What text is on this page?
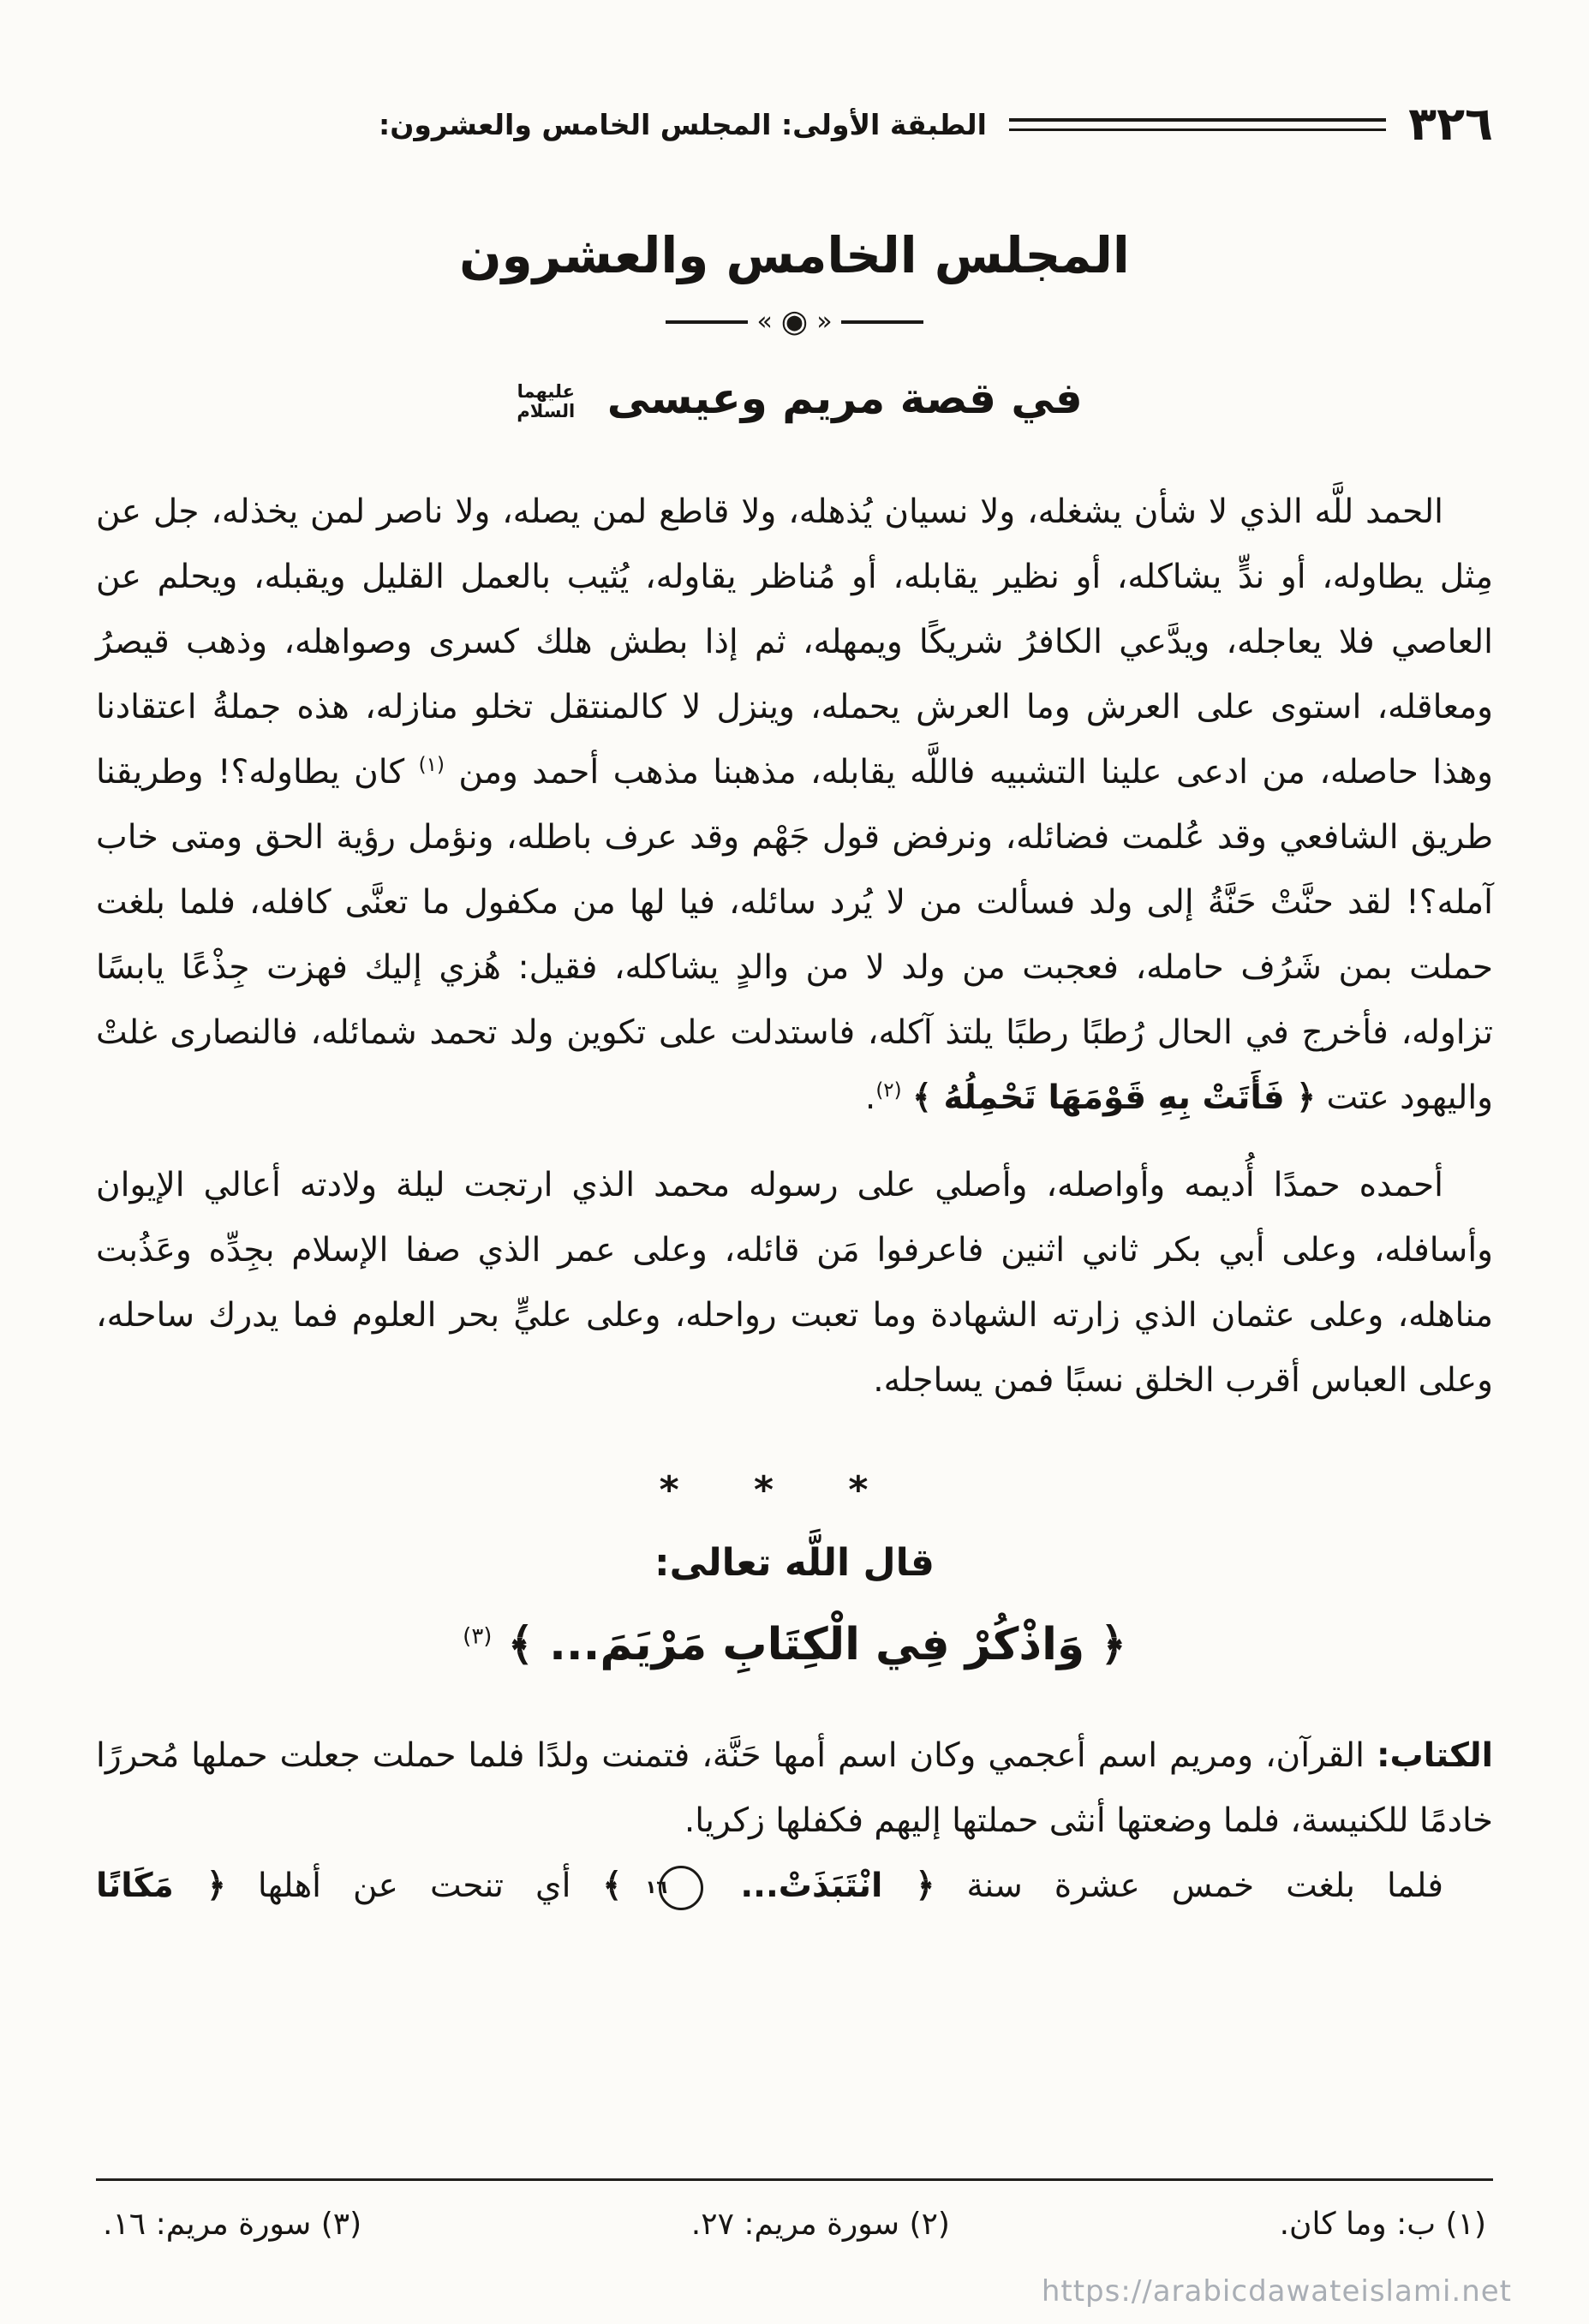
٣٢٦
الطبقة الأولى: المجلس الخامس والعشرون:
المجلس الخامس والعشرون
«
◉
»
في قصة مريم وعيسى عليهما السلام

الحمد للَّه الذي لا شأن يشغله، ولا نسيان يُذهله، ولا قاطع لمن يصله، ولا ناصر لمن يخذله، جل عن مِثل يطاوله، أو ندٍّ يشاكله، أو نظير يقابله، أو مُناظر يقاوله، يُثيب بالعمل القليل ويقبله، ويحلم عن العاصي فلا يعاجله، ويدَّعي الكافرُ شريكًا ويمهله، ثم إذا بطش هلك كسرى وصواهله، وذهب قيصرُ ومعاقله، استوى على العرش وما العرش يحمله، وينزل لا كالمنتقل تخلو منازله، هذه جملةُ اعتقادنا وهذا حاصله، من ادعى علينا التشبيه فاللَّه يقابله، مذهبنا مذهب أحمد ومن $^{(١)}$ كان يطاوله؟! وطريقنا طريق الشافعي وقد عُلمت فضائله، ونرفض قول جَهْم وقد عرف باطله، ونؤمل رؤية الحق ومتى خاب آمله؟! لقد حنَّتْ حَنَّةُ إلى ولد فسألت من لا يُرد سائله، فيا لها من مكفول ما تعنَّى كافله، فلما بلغت حملت بمن شَرُف حامله، فعجبت من ولد لا من والدٍ يشاكله، فقيل: هُزي إليك فهزت جِذْعًا يابسًا تزاوله، فأخرج في الحال رُطبًا رطبًا يلتذ آكله، فاستدلت على تكوين ولد تحمد شمائله، فالنصارى غلتْ واليهود عتت ﴿ فَأَتَتْ بِهِ قَوْمَهَا تَحْمِلُهُ ﴾ $^{(٢)}$.

أحمده حمدًا أُديمه وأواصله، وأصلي على رسوله محمد الذي ارتجت ليلة ولادته أعالي الإيوان وأسافله، وعلى أبي بكر ثاني اثنين فاعرفوا مَن قائله، وعلى عمر الذي صفا الإسلام بجِدِّه وعَذُبت مناهله، وعلى عثمان الذي زارته الشهادة وما تعبت رواحله، وعلى عليٍّ بحر العلوم فما يدرك ساحله، وعلى العباس أقرب الخلق نسبًا فمن يساجله.

* * *
قال اللَّه تعالى:
﴿ وَاذْكُرْ فِي الْكِتَابِ مَرْيَمَ... ﴾ $^{(٣)}$

الكتاب: القرآن، ومريم اسم أعجمي وكان اسم أمها حَنَّة، فتمنت ولدًا فلما حملت جعلت حملها مُحررًا خادمًا للكنيسة، فلما وضعتها أنثى حملتها إليهم فكفلها زكريا.

فلما بلغت خمس عشرة سنة ﴿ انْتَبَذَتْ... ١٦ ﴾ أي تنحت عن أهلها ﴿ مَكَانًا

(١) ب: وما كان.
(٢) سورة مريم: ٢٧.
(٣) سورة مريم: ١٦.
https://arabicdawateislami.net
